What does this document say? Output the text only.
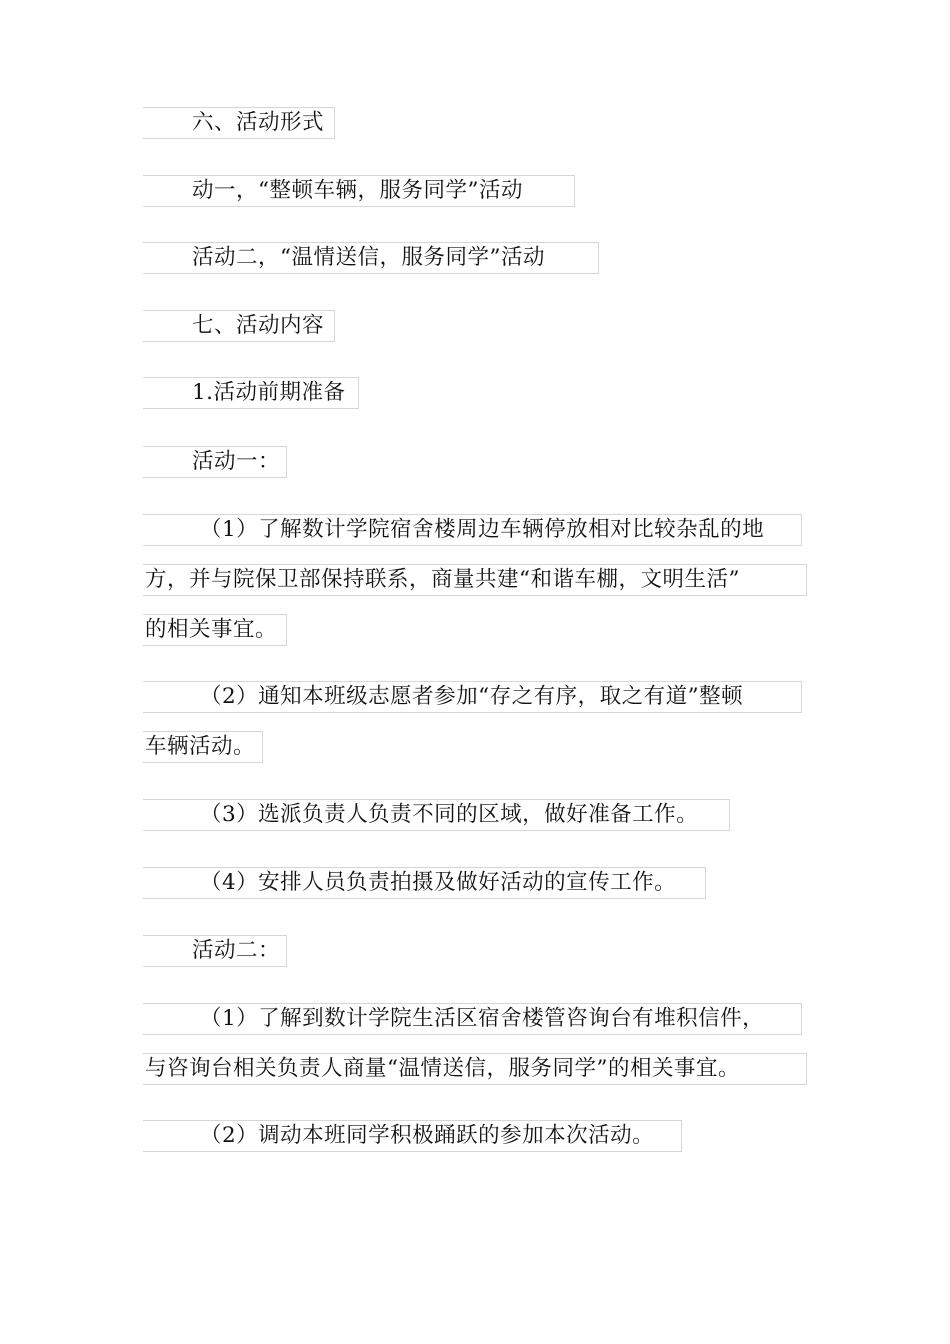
六、活动形式
动一，“整顿车辆，服务同学”活动
活动二，“温情送信，服务同学”活动
七、活动内容
1.活动前期准备
活动一：
（1）了解数计学院宿舍楼周边车辆停放相对比较杂乱的地
方，并与院保卫部保持联系，商量共建“和谐车棚，文明生活”
的相关事宜。
（2）通知本班级志愿者参加“存之有序，取之有道”整顿
车辆活动。
（3）选派负责人负责不同的区域，做好准备工作。
（4）安排人员负责拍摄及做好活动的宣传工作。
活动二：
（1）了解到数计学院生活区宿舍楼管咨询台有堆积信件，
与咨询台相关负责人商量“温情送信，服务同学”的相关事宜。
（2）调动本班同学积极踊跃的参加本次活动。
